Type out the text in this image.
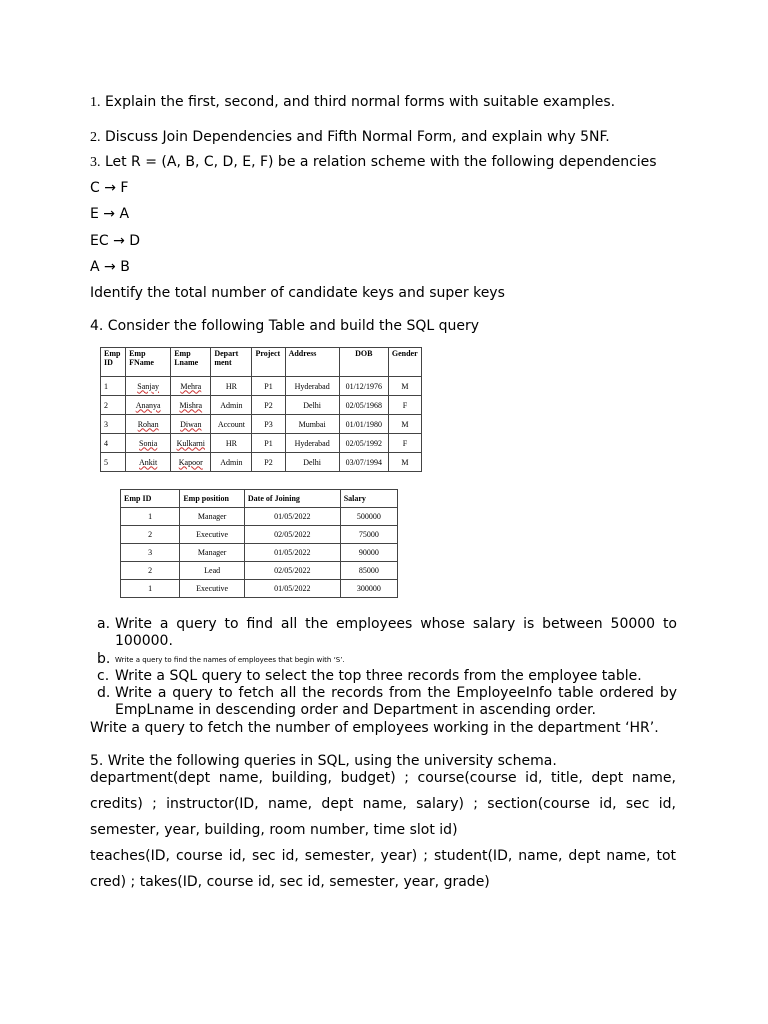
1. Explain the first, second, and third normal forms with suitable examples.
2. Discuss Join Dependencies and Fifth Normal Form, and explain why 5NF.
3. Let R = (A, B, C, D, E, F) be a relation scheme with the following dependencies
C → F
E → A
EC → D
A → B
Identify the total number of candidate keys and super keys
4. Consider the following Table and build the SQL query
Emp ID	Emp FName	Emp Lname	Depart ment	Project	Address	DOB	Gender
1	Sanjay	Mehra	HR	P1	Hyderabad	01/12/1976	M
2	Ananya	Mishra	Admin	P2	Delhi	02/05/1968	F
3	Rohan	Diwan	Account	P3	Mumbai	01/01/1980	M
4	Sonia	Kulkarni	HR	P1	Hyderabad	02/05/1992	F
5	Ankit	Kapoor	Admin	P2	Delhi	03/07/1994	M
Emp ID	Emp position	Date of Joining	Salary
1	Manager	01/05/2022	500000
2	Executive	02/05/2022	75000
3	Manager	01/05/2022	90000
2	Lead	02/05/2022	85000
1	Executive	01/05/2022	300000
a. Write a query to find all the employees whose salary is between 50000 to 100000.
b. Write a query to find the names of employees that begin with ‘S’.
c. Write a SQL query to select the top three records from the employee table.
d. Write a query to fetch all the records from the EmployeeInfo table ordered by EmpLname in descending order and Department in ascending order.
Write a query to fetch the number of employees working in the department ‘HR’.
5. Write the following queries in SQL, using the university schema.
department(dept name, building, budget) ; course(course id, title, dept name, credits) ; instructor(ID, name, dept name, salary) ; section(course id, sec id, semester, year, building, room number, time slot id)
teaches(ID, course id, sec id, semester, year) ; student(ID, name, dept name, tot cred) ; takes(ID, course id, sec id, semester, year, grade)
